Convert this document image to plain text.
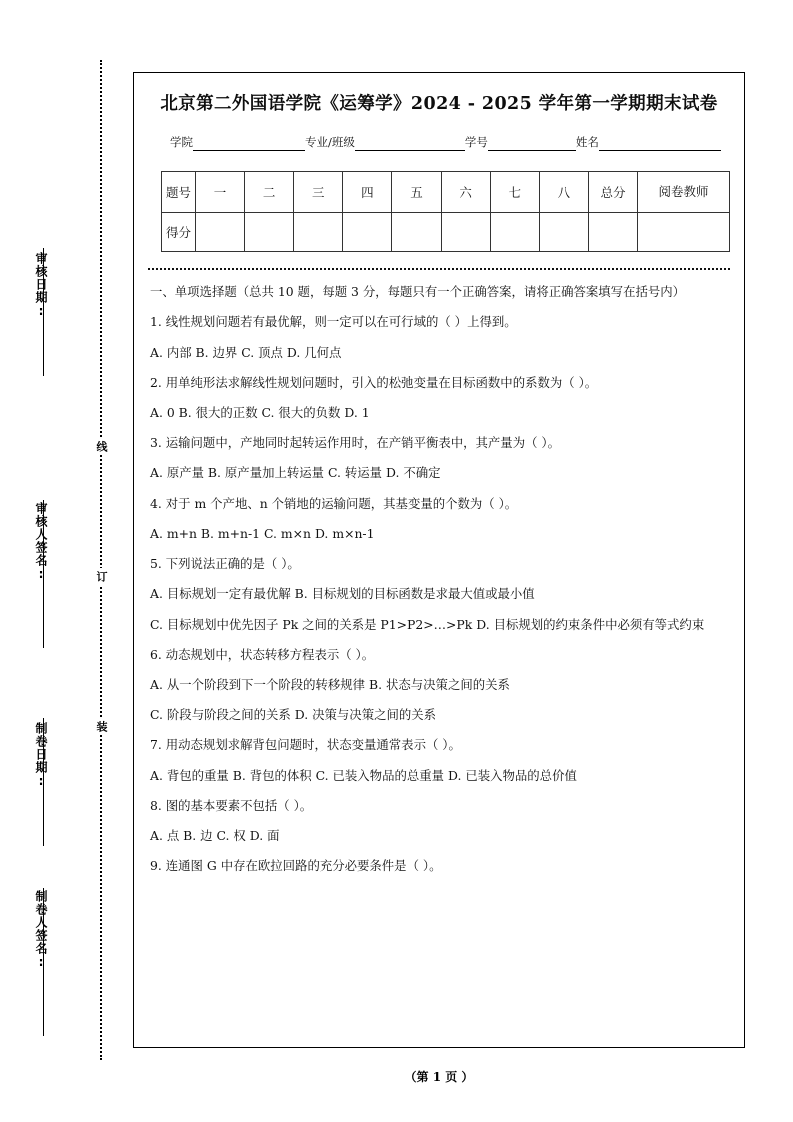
审核日期:
审核人签名:
制卷日期:
制卷人签名:
线
订
装
北京第二外国语学院《运筹学》2024 - 2025 学年第一学期期末试卷
学院	专业/班级	学号	姓名
题号	一	二	三	四	五	六	七	八	总分	阅卷教师

得分										

一、单项选择题（总共 10 题，每题 3 分，每题只有一个正确答案，请将正确答案填写在括号内）

1. 线性规划问题若有最优解，则一定可以在可行域的（ ）上得到。

A. 内部 B. 边界 C. 顶点 D. 几何点

2. 用单纯形法求解线性规划问题时，引入的松弛变量在目标函数中的系数为（ ）。

A. 0 B. 很大的正数 C. 很大的负数 D. 1

3. 运输问题中，产地同时起转运作用时，在产销平衡表中，其产量为（ ）。

A. 原产量 B. 原产量加上转运量 C. 转运量 D. 不确定

4. 对于 m 个产地、n 个销地的运输问题，其基变量的个数为（ ）。

A. m+n B. m+n-1 C. m×n D. m×n-1

5. 下列说法正确的是（ ）。

A. 目标规划一定有最优解 B. 目标规划的目标函数是求最大值或最小值

C. 目标规划中优先因子 Pk 之间的关系是 P1>P2>…>Pk D. 目标规划的约束条件中必须有等式约束

6. 动态规划中，状态转移方程表示（ ）。

A. 从一个阶段到下一个阶段的转移规律 B. 状态与决策之间的关系

C. 阶段与阶段之间的关系 D. 决策与决策之间的关系

7. 用动态规划求解背包问题时，状态变量通常表示（ ）。

A. 背包的重量 B. 背包的体积 C. 已装入物品的总重量 D. 已装入物品的总价值

8. 图的基本要素不包括（ ）。

A. 点 B. 边 C. 权 D. 面

9. 连通图 G 中存在欧拉回路的充分必要条件是（ ）。

（第 1 页 ）
